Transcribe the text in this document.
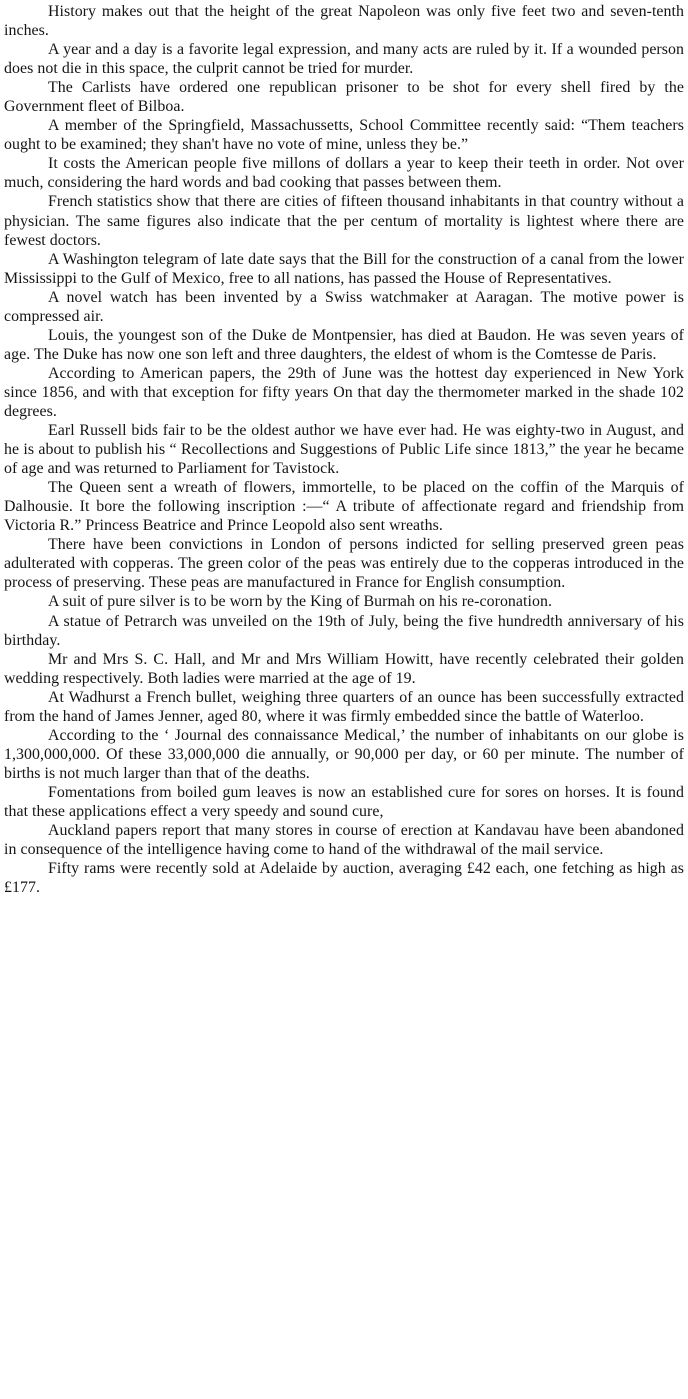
History makes out that the height of the great Napoleon was only five feet two and seven-tenth inches.

A year and a day is a favorite legal expression, and many acts are ruled by it. If a wounded person does not die in this space, the culprit cannot be tried for murder.

The Carlists have ordered one republican prisoner to be shot for every shell fired by the Government fleet of Bilboa.

A member of the Springfield, Massachussetts, School Committee recently said: “Them teachers ought to be examined; they shan't have no vote of mine, unless they be.”

It costs the American people five millons of dollars a year to keep their teeth in order. Not over much, considering the hard words and bad cooking that passes between them.

French statistics show that there are cities of fifteen thousand inhabitants in that country without a physician. The same figures also indicate that the per centum of mortality is lightest where there are fewest doctors.

A Washington telegram of late date says that the Bill for the construction of a canal from the lower Mississippi to the Gulf of Mexico, free to all nations, has passed the House of Representatives.

A novel watch has been invented by a Swiss watchmaker at Aaragan. The motive power is compressed air.

Louis, the youngest son of the Duke de Montpensier, has died at Baudon. He was seven years of age. The Duke has now one son left and three daughters, the eldest of whom is the Comtesse de Paris.

According to American papers, the 29th of June was the hottest day experienced in New York since 1856, and with that exception for fifty years On that day the thermometer marked in the shade 102 degrees.

Earl Russell bids fair to be the oldest author we have ever had. He was eighty-two in August, and he is about to publish his “ Recollections and Suggestions of Public Life since 1813,” the year he became of age and was returned to Parliament for Tavistock.

The Queen sent a wreath of flowers, immortelle, to be placed on the coffin of the Marquis of Dalhousie. It bore the following inscription :—“ A tribute of affectionate regard and friendship from Victoria R.” Princess Beatrice and Prince Leopold also sent wreaths.

There have been convictions in London of persons indicted for selling preserved green peas adulterated with copperas. The green color of the peas was entirely due to the copperas introduced in the process of preserving. These peas are manufactured in France for English consumption.

A suit of pure silver is to be worn by the King of Burmah on his re-coronation.

A statue of Petrarch was unveiled on the 19th of July, being the five hundredth anniversary of his birthday.

Mr and Mrs S. C. Hall, and Mr and Mrs William Howitt, have recently celebrated their golden wedding respectively. Both ladies were married at the age of 19.

At Wadhurst a French bullet, weighing three quarters of an ounce has been successfully extracted from the hand of James Jenner, aged 80, where it was firmly embedded since the battle of Waterloo.

According to the ‘ Journal des connaissance Medical,’ the number of inhabitants on our globe is 1,300,000,000. Of these 33,000,000 die annually, or 90,000 per day, or 60 per minute. The number of births is not much larger than that of the deaths.

Fomentations from boiled gum leaves is now an established cure for sores on horses. It is found that these applications effect a very speedy and sound cure,

Auckland papers report that many stores in course of erection at Kandavau have been abandoned in consequence of the intelligence having come to hand of the withdrawal of the mail service.

Fifty rams were recently sold at Adelaide by auction, averaging £42 each, one fetching as high as £177.
